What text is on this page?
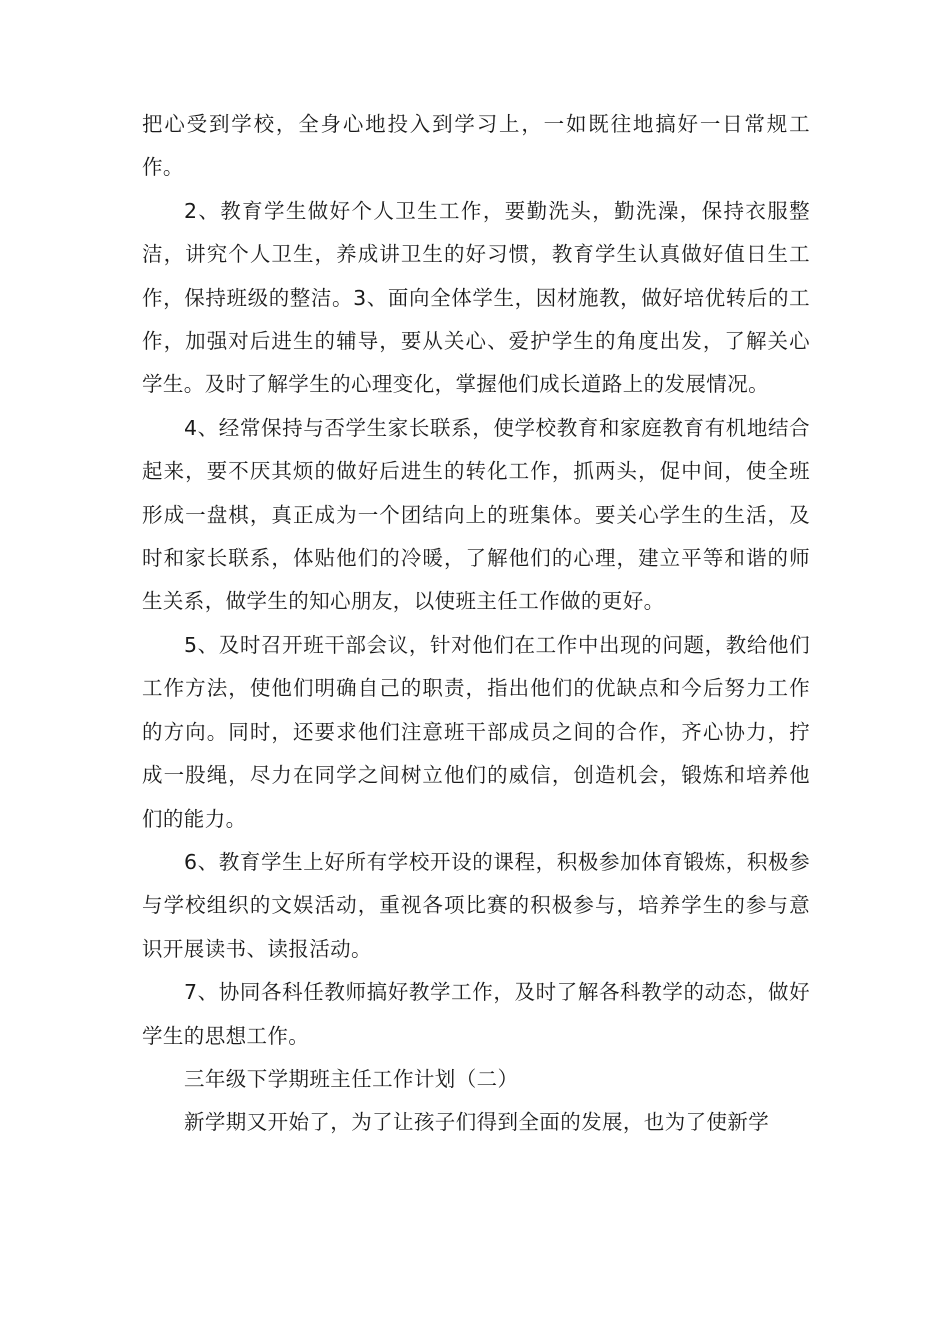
把心受到学校，全身心地投入到学习上，一如既往地搞好一日常规工作。

2、教育学生做好个人卫生工作，要勤洗头，勤洗澡，保持衣服整洁，讲究个人卫生，养成讲卫生的好习惯，教育学生认真做好值日生工作，保持班级的整洁。3、面向全体学生，因材施教，做好培优转后的工作，加强对后进生的辅导，要从关心、爱护学生的角度出发，了解关心学生。及时了解学生的心理变化，掌握他们成长道路上的发展情况。

4、经常保持与否学生家长联系，使学校教育和家庭教育有机地结合起来，要不厌其烦的做好后进生的转化工作，抓两头，促中间，使全班形成一盘棋，真正成为一个团结向上的班集体。要关心学生的生活，及时和家长联系，体贴他们的冷暖，了解他们的心理，建立平等和谐的师生关系，做学生的知心朋友，以使班主任工作做的更好。

5、及时召开班干部会议，针对他们在工作中出现的问题，教给他们工作方法，使他们明确自己的职责，指出他们的优缺点和今后努力工作的方向。同时，还要求他们注意班干部成员之间的合作，齐心协力，拧成一股绳，尽力在同学之间树立他们的威信，创造机会，锻炼和培养他们的能力。

6、教育学生上好所有学校开设的课程，积极参加体育锻炼，积极参与学校组织的文娱活动，重视各项比赛的积极参与，培养学生的参与意识开展读书、读报活动。

7、协同各科任教师搞好教学工作，及时了解各科教学的动态，做好学生的思想工作。

三年级下学期班主任工作计划（二）

新学期又开始了，为了让孩子们得到全面的发展，也为了使新学
